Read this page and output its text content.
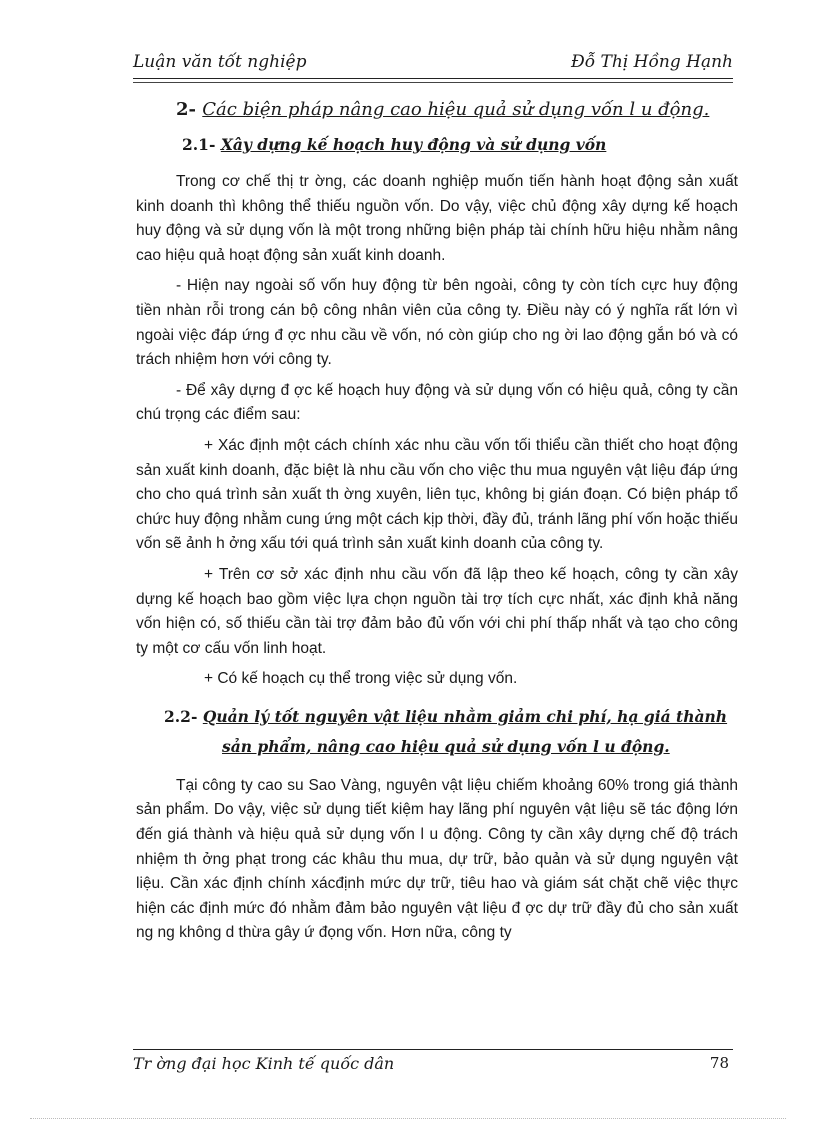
Luận văn tốt nghiệp	Đỗ Thị Hồng Hạnh
2- Các biện pháp nâng cao hiệu quả sử dụng vốn l u động.
2.1- Xây dựng kế hoạch huy động và sử dụng vốn

Trong cơ chế thị tr ờng, các doanh nghiệp muốn tiến hành hoạt động sản xuất kinh doanh thì không thể thiếu nguồn vốn. Do vậy, việc chủ động xây dựng kế hoạch huy động và sử dụng vốn là một trong những biện pháp tài chính hữu hiệu nhằm nâng cao hiệu quả hoạt động sản xuất kinh doanh.

- Hiện nay ngoài số vốn huy động từ bên ngoài, công ty còn tích cực huy động tiền nhàn rỗi trong cán bộ công nhân viên của công ty. Điều này có ý nghĩa rất lớn vì ngoài việc đáp ứng đ ợc nhu cầu về vốn, nó còn giúp cho ng ời lao động gắn bó và có trách nhiệm hơn với công ty.

- Để xây dựng đ ợc kế hoạch huy động và sử dụng vốn có hiệu quả, công ty cần chú trọng các điểm sau:

+ Xác định một cách chính xác nhu cầu vốn tối thiểu cần thiết cho hoạt động sản xuất kinh doanh, đặc biệt là nhu cầu vốn cho việc thu mua nguyên vật liệu đáp ứng cho cho quá trình sản xuất th ờng xuyên, liên tục, không bị gián đoạn. Có biện pháp tổ chức huy động nhằm cung ứng một cách kịp thời, đầy đủ, tránh lãng phí vốn hoặc thiếu vốn sẽ ảnh h ởng xấu tới quá trình sản xuất kinh doanh của công ty.

+ Trên cơ sở xác định nhu cầu vốn đã lập theo kế hoạch, công ty cần xây dựng kế hoạch bao gồm việc lựa chọn nguồn tài trợ tích cực nhất, xác định khả năng vốn hiện có, số thiếu cần tài trợ đảm bảo đủ vốn với chi phí thấp nhất và tạo cho công ty một cơ cấu vốn linh hoạt.

+ Có kế hoạch cụ thể trong việc sử dụng vốn.

2.2- Quản lý tốt nguyên vật liệu nhằm giảm chi phí, hạ giá thành
sản phẩm, nâng cao hiệu quả sử dụng vốn l u động.

Tại công ty cao su Sao Vàng, nguyên vật liệu chiếm khoảng 60% trong giá thành sản phẩm. Do vậy, việc sử dụng tiết kiệm hay lãng phí nguyên vật liệu sẽ tác động lớn đến giá thành và hiệu quả sử dụng vốn l u động. Công ty cần xây dựng chế độ trách nhiệm th ởng phạt trong các khâu thu mua, dự trữ, bảo quản và sử dụng nguyên vật liệu. Cần xác định chính xácđịnh mức dự trữ, tiêu hao và giám sát chặt chẽ việc thực hiện các định mức đó nhằm đảm bảo nguyên vật liệu đ ợc dự trữ đầy đủ cho sản xuất ng ng không d thừa gây ứ đọng vốn. Hơn nữa, công ty

Tr ờng đại học Kinh tế quốc dân	78
